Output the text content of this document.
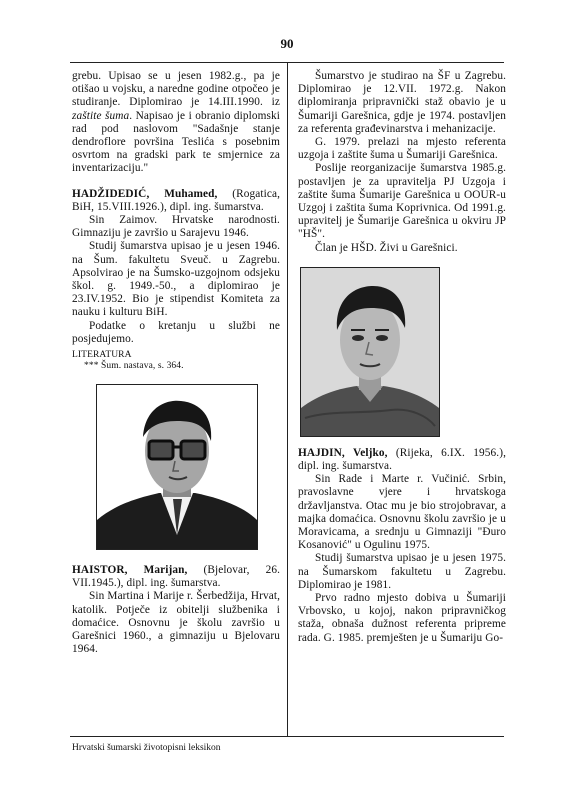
90

grebu. Upisao se u jesen 1982.g., pa je otišao u vojsku, a naredne godine otpočeo je studiranje. Diplomirao je 14.III.1990. iz zaštite šuma. Napisao je i obranio diplomski rad pod naslovom "Sadašnje stanje dendroflore površina Teslića s posebnim osvrtom na gradski park te smjernice za inventarizaciju."

HADŽIDEDIĆ, Muhamed, (Rogatica, BiH, 15.VIII.1926.), dipl. ing. šumarstva.

Sin Zaimov. Hrvatske narodnosti. Gimnaziju je završio u Sarajevu 1946.

Studij šumarstva upisao je u jesen 1946. na Šum. fakultetu Sveuč. u Zagrebu. Apsolvirao je na Šumsko-uzgojnom odsjeku škol. g. 1949.-50., a diplomirao je 23.IV.1952. Bio je stipendist Komiteta za nauku i kulturu BiH.

Podatke o kretanju u službi ne posjedujemo.

LITERATURA
*** Šum. nastava, s. 364.

HAISTOR, Marijan, (Bjelovar, 26. VII.1945.), dipl. ing. šumarstva.

Sin Martina i Marije r. Šerbedžija, Hrvat, katolik. Potječe iz obitelji službenika i domaćice. Osnovnu je školu završio u Garešnici 1960., a gimnaziju u Bjelovaru 1964.

Šumarstvo je studirao na ŠF u Zagrebu. Diplomirao je 12.VII. 1972.g. Nakon diplomiranja pripravnički staž obavio je u Šumariji Garešnica, gdje je 1974. postavljen za referenta građevinarstva i mehanizacije.

G. 1979. prelazi na mjesto referenta uzgoja i zaštite šuma u Šumariji Garešnica.

Poslije reorganizacije šumarstva 1985.g. postavljen je za upravitelja PJ Uzgoja i zaštite šuma Šumarije Garešnica u OOUR-u Uzgoj i zaštita šuma Koprivnica. Od 1991.g. upravitelj je Šumarije Garešnica u okviru JP "HŠ".

Član je HŠD. Živi u Garešnici.

HAJDIN, Veljko, (Rijeka, 6.IX. 1956.), dipl. ing. šumarstva.

Sin Rade i Marte r. Vučinić. Srbin, pravoslavne vjere i hrvatskoga državljanstva. Otac mu je bio strojobravar, a majka domaćica. Osnovnu školu završio je u Moravicama, a srednju u Gimnaziji "Đuro Kosanović" u Ogulinu 1975.

Studij šumarstva upisao je u jesen 1975. na Šumarskom fakultetu u Zagrebu. Diplomirao je 1981.

Prvo radno mjesto dobiva u Šumariji Vrbovsko, u kojoj, nakon pripravničkog staža, obnaša dužnost referenta pripreme rada. G. 1985. premješten je u Šumariju Go-

Hrvatski šumarski životopisni leksikon
